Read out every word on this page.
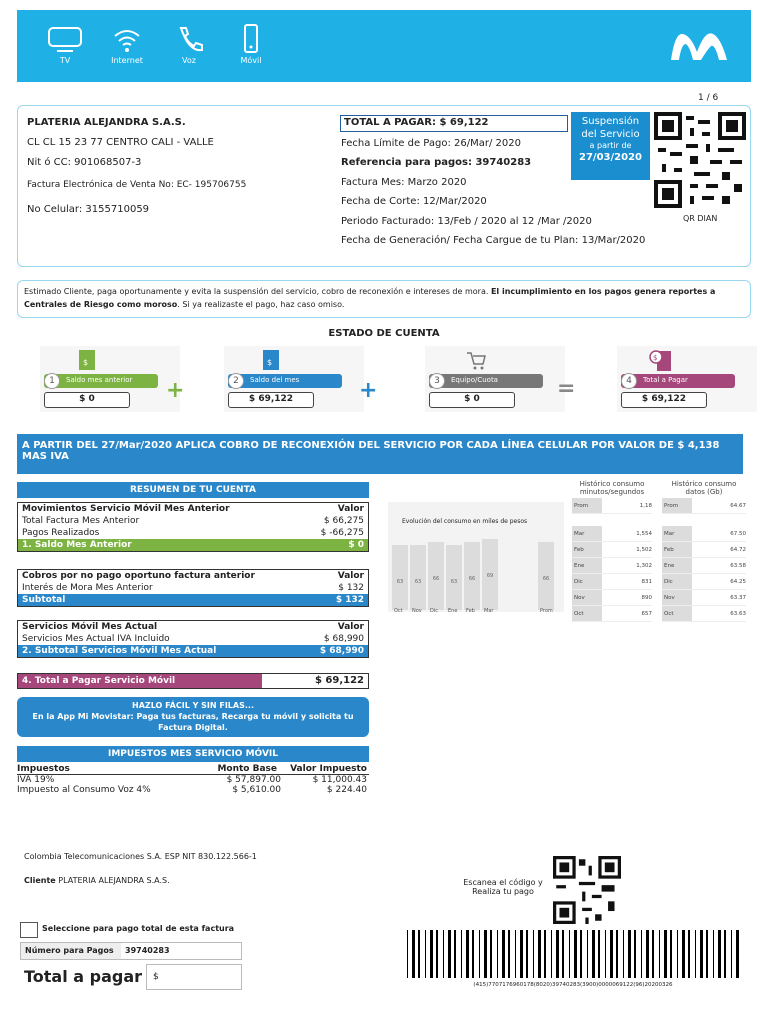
TV	Internet	Voz	Móvil
1 / 6
PLATERIA ALEJANDRA S.A.S.
CL CL 15 23 77 CENTRO CALI - VALLE
Nit ó CC: 901068507-3
Factura Electrónica de Venta No: EC- 195706755
No Celular: 3155710059
Fecha Límite de Pago: 26/Mar/ 2020
Referencia para pagos: 39740283
Factura Mes: Marzo 2020
Fecha de Corte: 12/Mar/2020
Periodo Facturado: 13/Feb / 2020 al 12 /Mar /2020
Fecha de Generación/ Fecha Cargue de tu Plan: 13/Mar/2020
QR DIAN
TOTAL A PAGAR: $ 69,122	Suspensión
del Servicio
a partir de
27/03/2020
Estimado Cliente, paga oportunamente y evita la suspensión del servicio, cobro de reconexión e intereses de mora. El incumplimiento en los pagos genera reportes a Centrales de Riesgo como moroso. Si ya realizaste el pago, haz caso omiso.
ESTADO DE CUENTA
$
Saldo mes anterior
1
$ 0	+
$
Saldo del mes
2
$ 69,122	+	Equipo/Cuota
3
$ 0	=
$
Total a Pagar
4
$ 69,122
A PARTIR DEL 27/Mar/2020 APLICA COBRO DE RECONEXIÓN DEL SERVICIO POR CADA LÍNEA CELULAR POR VALOR DE $ 4,138 MAS IVA
RESUMEN DE TU CUENTA
Movimientos Servicio Móvil Mes Anterior	Valor
Total Factura Mes Anterior	$ 66,275
Pagos Realizados	$ -66,275
1. Saldo Mes Anterior	$ 0
Cobros por no pago oportuno factura anterior	Valor
Interés de Mora Mes Anterior	$ 132
Subtotal	$ 132
Servicios Móvil Mes Actual	Valor
Servicios Mes Actual IVA Incluido	$ 68,990
2. Subtotal Servicios Móvil Mes Actual	$ 68,990
4. Total a Pagar Servicio Móvil	$ 69,122
HAZLO FÁCIL Y SIN FILAS...
En la App Mi Movistar: Paga tus facturas, Recarga tu móvil y solicita tu Factura Digital.
IMPUESTOS MES SERVICIO MÓVIL
Impuestos	Monto Base	Valor Impuesto
IVA 19%	$ 57,897.00	$ 11,000.43
Impuesto al Consumo Voz 4%	$ 5,610.00	$ 224.40
Evolución del consumo en miles de pesos
63	63
66
63
66	69	66
Oct Nov Dic Ene Feb Mar	Prom
Histórico consumo minutos/segundos
Prom	1,18
Mar	1,554
Feb	1,502
Ene	1,302
Dic	831
Nov	890
Oct	657
Histórico consumo datos (Gb)
Prom	64.67
Mar	67.50
Feb	64.72
Ene	63.58
Dic	64.25
Nov	63.37
Oct	63.63
Colombia Telecomunicaciones S.A. ESP NIT 830.122.566-1
Cliente PLATERIA ALEJANDRA S.A.S.	Escanea el código y
Realiza tu pago
Seleccione para pago total de esta factura
Número para Pagos	39740283
Total a pagar	$
(415)7707176960178(8020)39740283(3900)0000069122(96)20200326
